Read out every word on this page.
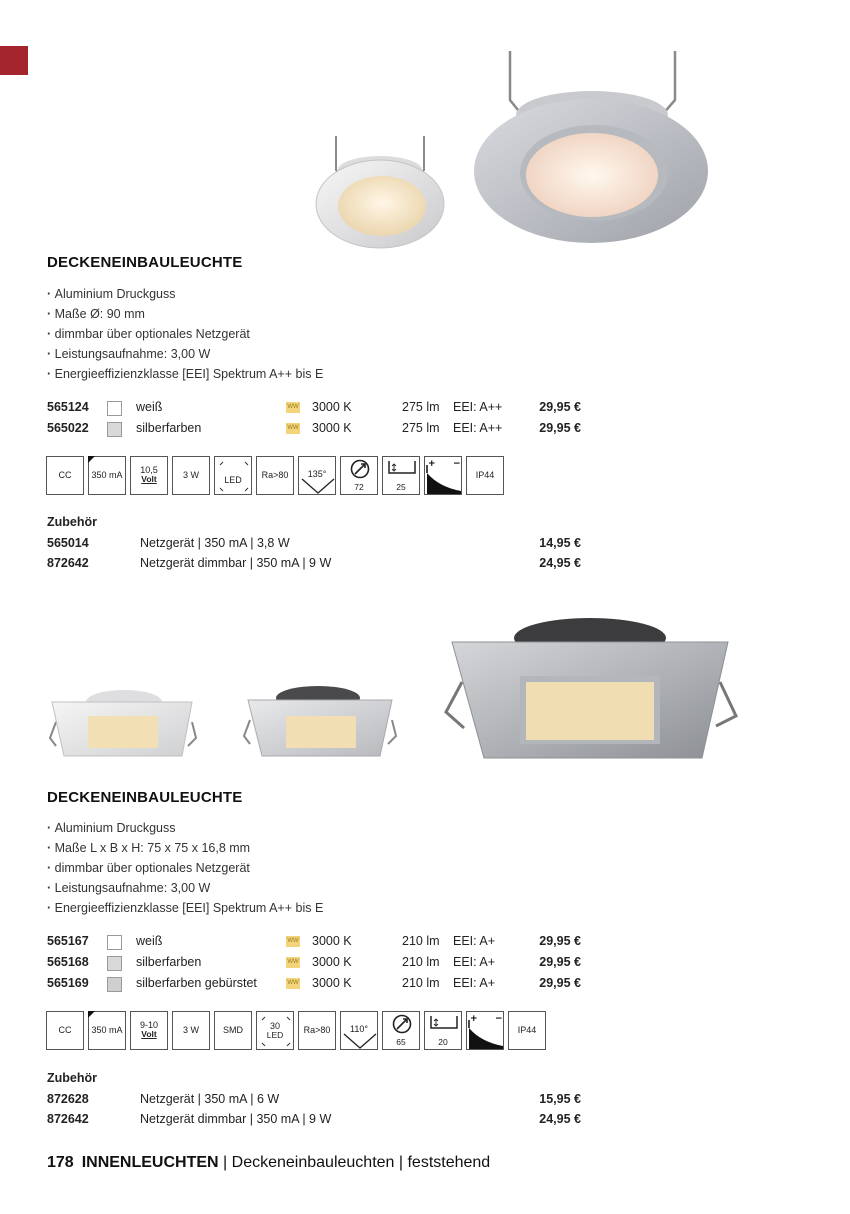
DECKENEINBAULEUCHTE
· Aluminium Druckguss
· Maße Ø: 90 mm
· dimmbar über optionales Netzgerät
· Leistungsaufnahme: 3,00 W
· Energieeffizienzklasse [EEI] Spektrum A++ bis E
565124	weiß	WW 3000 K	275 lm EEI: A++	29,95 €
565022	silberfarben	WW 3000 K	275 lm EEI: A++	29,95 €
CC	350 mA	10,5
Volt	3 W	LED	Ra>80	135°
72	25
+ −
IP44
Zubehör
565014	Netzgerät | 350 mA | 3,8 W	14,95 €
872642	Netzgerät dimmbar | 350 mA | 9 W	24,95 €
DECKENEINBAULEUCHTE
· Aluminium Druckguss
· Maße L x B x H: 75 x 75 x 16,8 mm
· dimmbar über optionales Netzgerät
· Leistungsaufnahme: 3,00 W
· Energieeffizienzklasse [EEI] Spektrum A++ bis E
565167	weiß	WW 3000 K	210 lm EEI: A+	29,95 €
565168	silberfarben	WW 3000 K	210 lm EEI: A+	29,95 €
565169	silberfarben gebürstet	WW 3000 K	210 lm EEI: A+	29,95 €
CC	350 mA	9-10
Volt	3 W	SMD	30
LED	Ra>80	110°
65	20
+ −
IP44
Zubehör
872628	Netzgerät | 350 mA | 6 W	15,95 €
872642	Netzgerät dimmbar | 350 mA | 9 W	24,95 €
178 INNENLEUCHTEN | Deckeneinbauleuchten | feststehend
